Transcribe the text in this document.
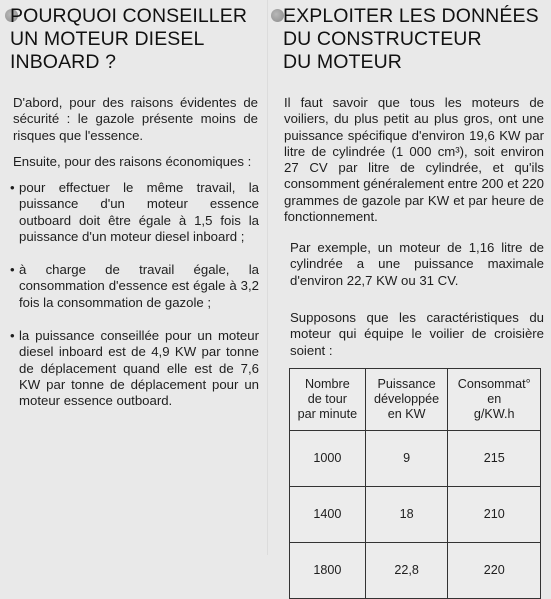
POURQUOI CONSEILLER
UN MOTEUR DIESEL
INBOARD ?

D'abord, pour des raisons évidentes de sécurité : le gazole présente moins de risques que l'essence.

Ensuite, pour des raisons économiques :

• pour effectuer le même travail, la puissance d'un moteur essence outboard doit être égale à 1,5 fois la puissance d'un moteur diesel inboard ;

• à charge de travail égale, la consommation d'essence est égale à 3,2 fois la consommation de gazole ;

• la puissance conseillée pour un moteur diesel inboard est de 4,9 KW par tonne de déplacement quand elle est de 7,6 KW par tonne de déplacement pour un moteur essence outboard.

EXPLOITER LES DONNÉES
DU CONSTRUCTEUR
DU MOTEUR

Il faut savoir que tous les moteurs de voiliers, du plus petit au plus gros, ont une puissance spécifique d'environ 19,6 KW par litre de cylindrée (1 000 cm³), soit environ 27 CV par litre de cylindrée, et qu'ils consomment généralement entre 200 et 220 grammes de gazole par KW et par heure de fonctionnement.

Par exemple, un moteur de 1,16 litre de cylindrée a une puissance maximale d'environ 22,7 KW ou 31 CV.

Supposons que les caractéristiques du moteur qui équipe le voilier de croisière soient :

Nombre
de tour
par minute	Puissance
développée
en KW	Consommat°
en
g/KW.h
1000	9	215
1400	18	210
1800	22,8	220
